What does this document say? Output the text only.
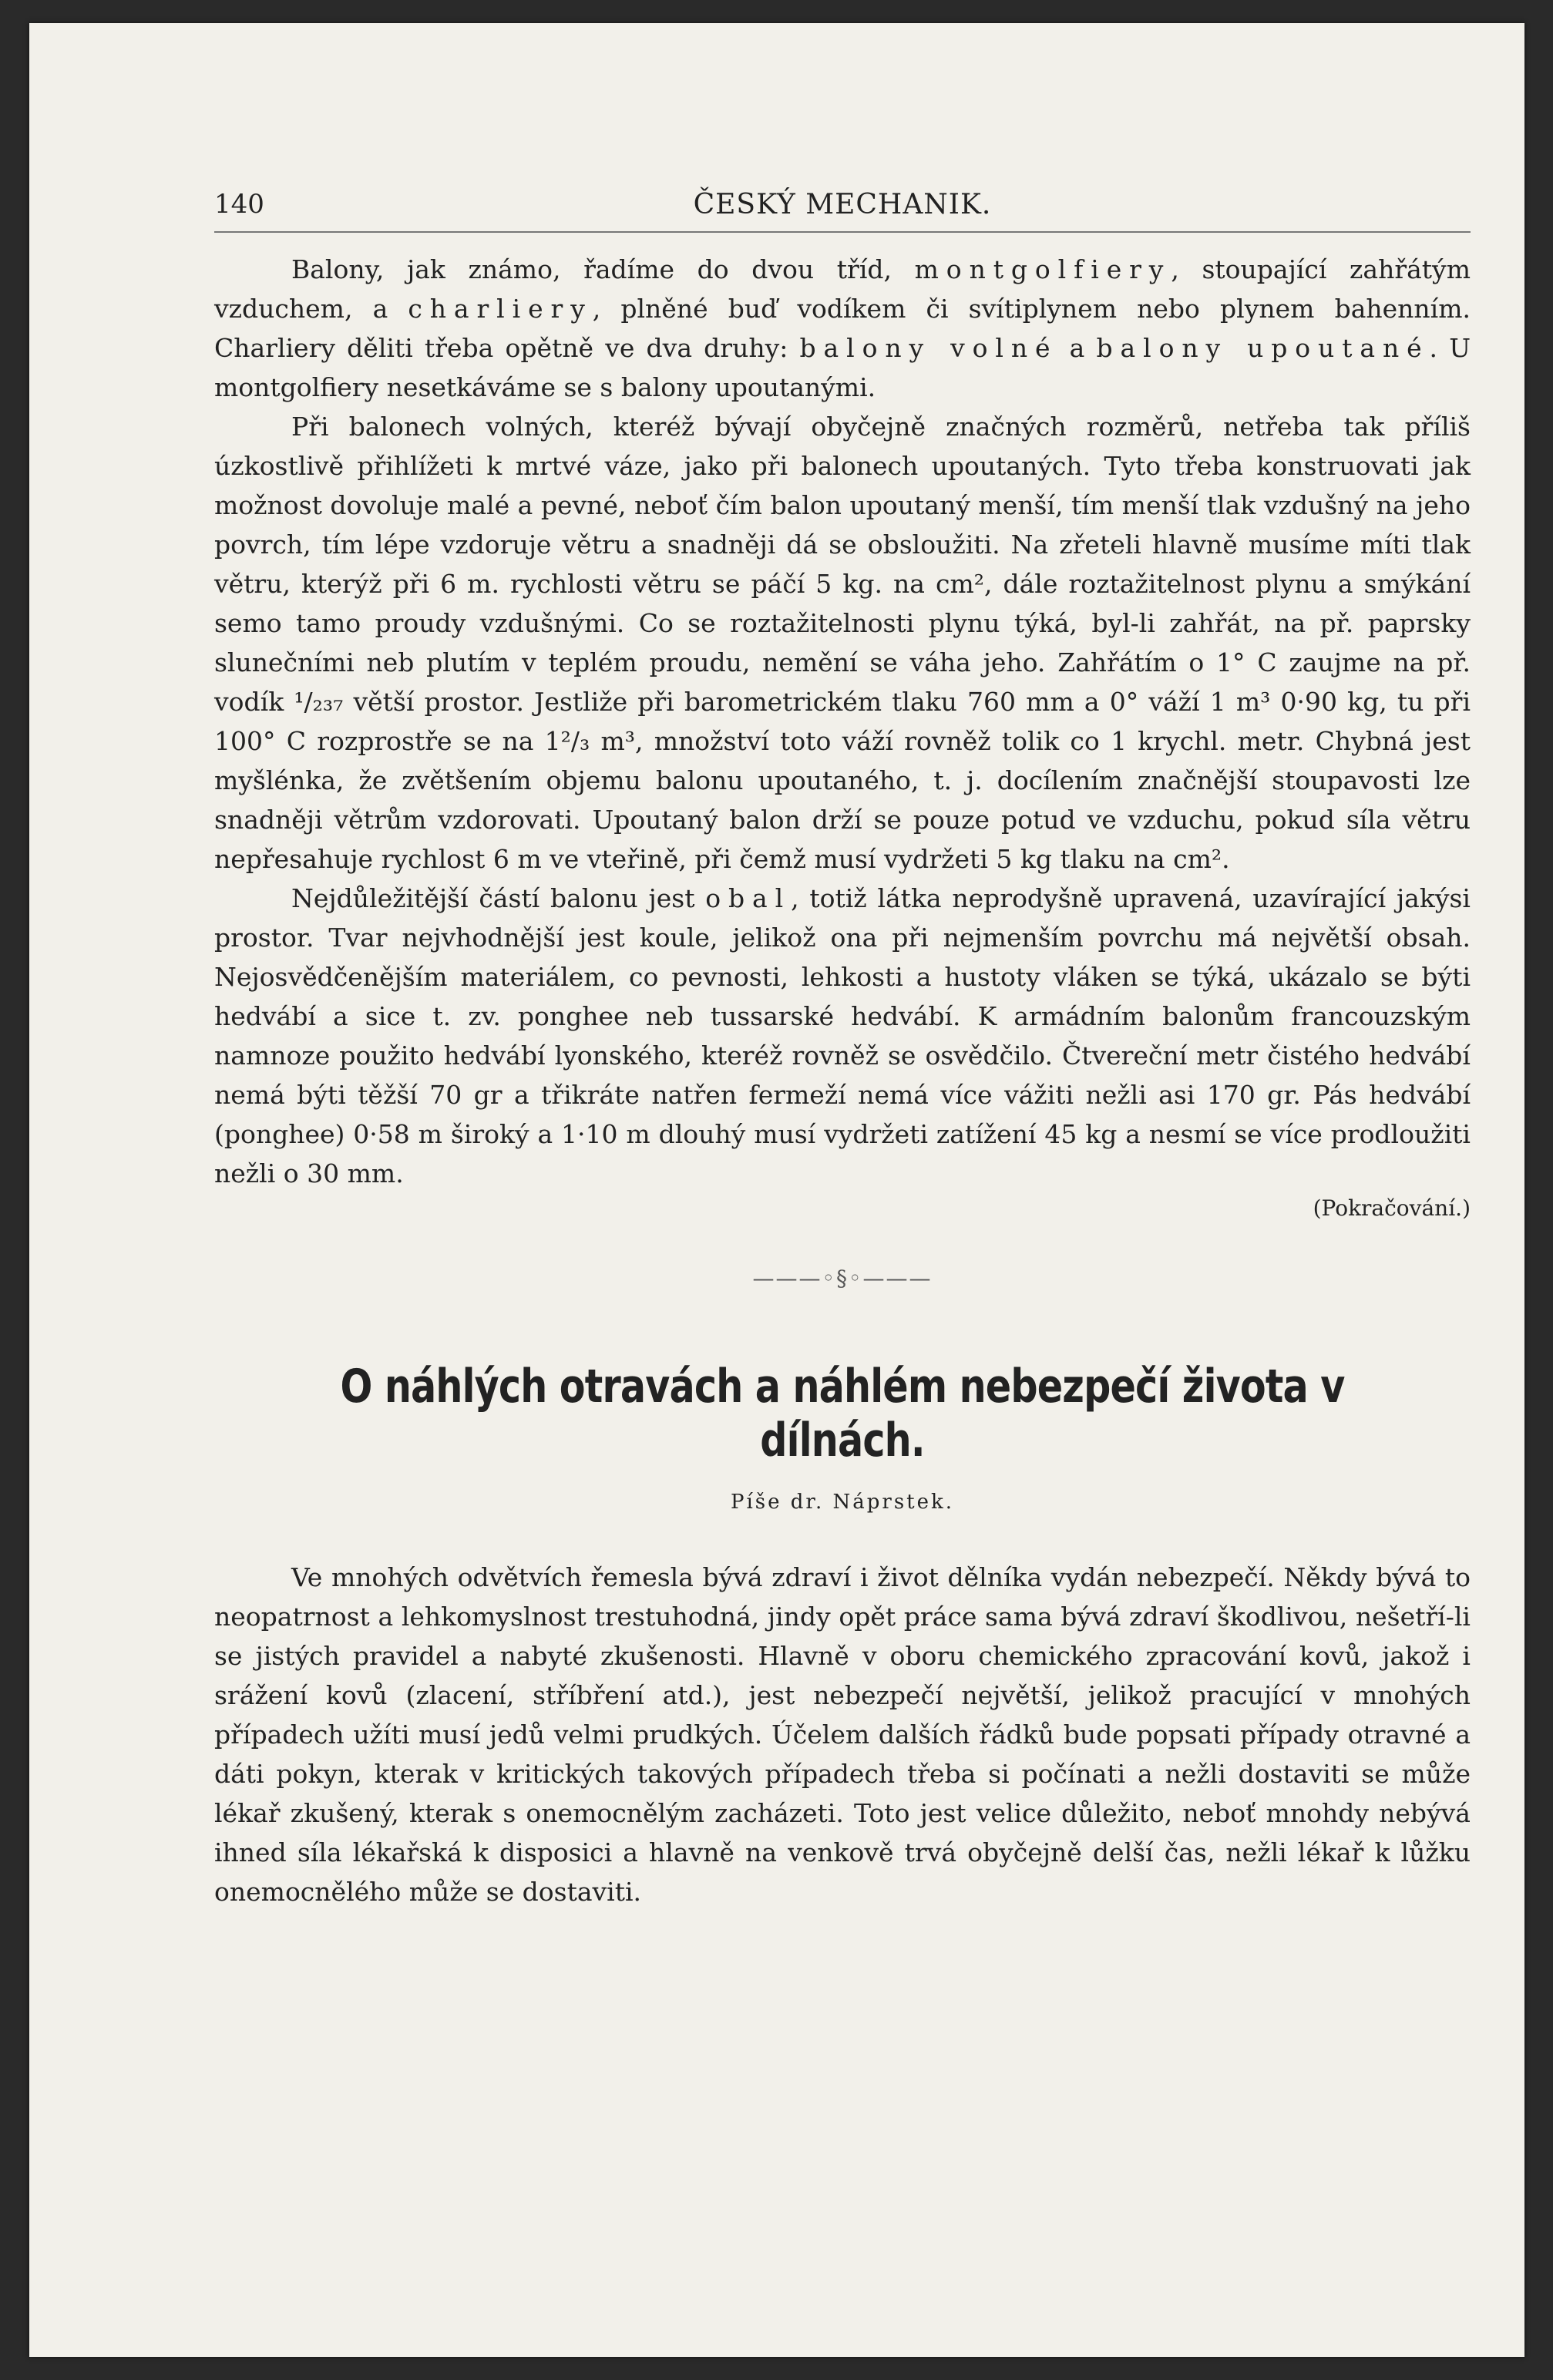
140	ČESKÝ MECHANIK.

Balony, jak známo, řadíme do dvou tříd, montgolfiery, stoupající zahřátým vzduchem, a charliery, plněné buď vodíkem či svítiplynem nebo plynem bahenním. Charliery děliti třeba opětně ve dva druhy: balony volné a balony upoutané. U montgolfiery nesetkáváme se s balony upoutanými.

Při balonech volných, kteréž bývají obyčejně značných rozměrů, netřeba tak příliš úzkostlivě přihlížeti k mrtvé váze, jako při balonech upoutaných. Tyto třeba konstruovati jak možnost dovoluje malé a pevné, neboť čím balon upoutaný menší, tím menší tlak vzdušný na jeho povrch, tím lépe vzdoruje větru a snadněji dá se obsloužiti. Na zřeteli hlavně musíme míti tlak větru, kterýž při 6 m. rychlosti větru se páčí 5 kg. na cm², dále roztažitelnost plynu a smýkání semo tamo proudy vzdušnými. Co se roztažitelnosti plynu týká, byl-li zahřát, na př. paprsky slunečními neb plutím v teplém proudu, nemění se váha jeho. Zahřátím o 1° C zaujme na př. vodík ¹/₂₃₇ větší prostor. Jestliže při barometrickém tlaku 760 mm a 0° váží 1 m³ 0·90 kg, tu při 100° C rozprostře se na 1²/₃ m³, množství toto váží rovněž tolik co 1 krychl. metr. Chybná jest myšlénka, že zvětšením objemu balonu upoutaného, t. j. docílením značnější stoupavosti lze snadněji větrům vzdorovati. Upoutaný balon drží se pouze potud ve vzduchu, pokud síla větru nepřesahuje rychlost 6 m ve vteřině, při čemž musí vydržeti 5 kg tlaku na cm².

Nejdůležitější částí balonu jest obal, totiž látka neprodyšně upravená, uzavírající jakýsi prostor. Tvar nejvhodnější jest koule, jelikož ona při nejmenším povrchu má největší obsah. Nejosvědčenějším materiálem, co pevnosti, lehkosti a hustoty vláken se týká, ukázalo se býti hedvábí a sice t. zv. ponghee neb tussarské hedvábí. K armádním balonům francouzským namnoze použito hedvábí lyonského, kteréž rovněž se osvědčilo. Čtvereční metr čistého hedvábí nemá býti těžší 70 gr a třikráte natřen fermeží nemá více vážiti nežli asi 170 gr. Pás hedvábí (ponghee) 0·58 m široký a 1·10 m dlouhý musí vydržeti zatížení 45 kg a nesmí se více prodloužiti nežli o 30 mm.

(Pokračování.)
———◦§◦———
O náhlých otravách a náhlém nebezpečí života v dílnách.
Píše dr. Náprstek.

Ve mnohých odvětvích řemesla bývá zdraví i život dělníka vydán nebezpečí. Někdy bývá to neopatrnost a lehkomyslnost trestuhodná, jindy opět práce sama bývá zdraví škodlivou, nešetří-li se jistých pravidel a nabyté zkušenosti. Hlavně v oboru chemického zpracování kovů, jakož i srážení kovů (zlacení, stříbření atd.), jest nebezpečí největší, jelikož pracující v mnohých případech užíti musí jedů velmi prudkých. Účelem dalších řádků bude popsati případy otravné a dáti pokyn, kterak v kritických takových případech třeba si počínati a nežli dostaviti se může lékař zkušený, kterak s onemocnělým zacházeti. Toto jest velice důležito, neboť mnohdy nebývá ihned síla lékařská k disposici a hlavně na venkově trvá obyčejně delší čas, nežli lékař k lůžku onemocnělého může se dostaviti.
